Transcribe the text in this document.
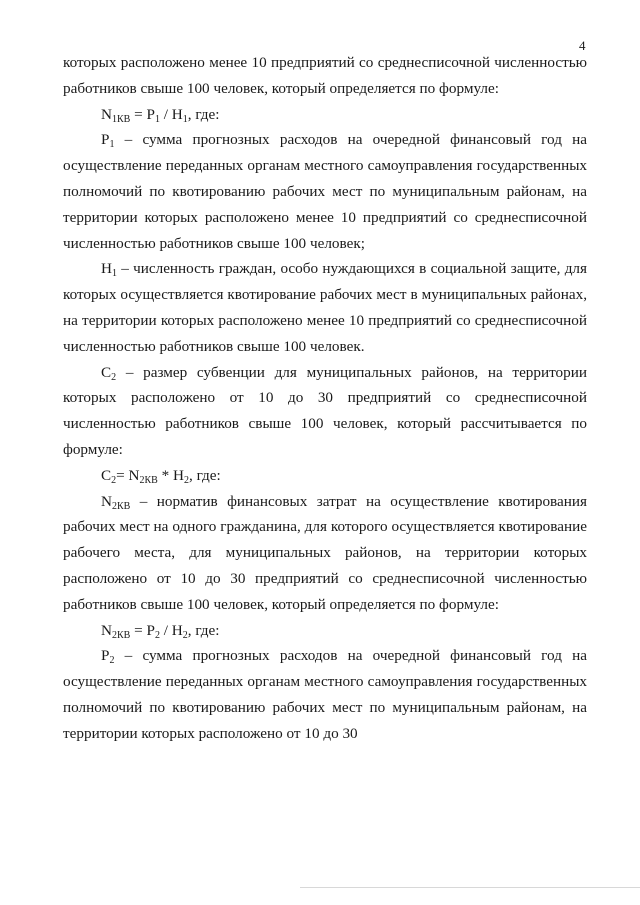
4

которых расположено менее 10 предприятий со среднесписочной численностью работников свыше 100 человек, который определяется по формуле:

$N_{1КВ} = P_1 / Н_1$, где:

$P_1$ – сумма прогнозных расходов на очередной финансовый год на осуществление переданных органам местного самоуправления государственных полномочий по квотированию рабочих мест по муниципальным районам, на территории которых расположено менее 10 предприятий со среднесписочной численностью работников свыше 100 человек;

$Н_1$ – численность граждан, особо нуждающихся в социальной защите, для которых осуществляется квотирование рабочих мест в муниципальных районах, на территории которых расположено менее 10 предприятий со среднесписочной численностью работников свыше 100 человек.

$С_2$ – размер субвенции для муниципальных районов, на территории которых расположено от 10 до 30 предприятий со среднесписочной численностью работников свыше 100 человек, который рассчитывается по формуле:

$С_2= N_{2КВ} * Н_2$, где:

$N_{2КВ}$ – норматив финансовых затрат на осуществление квотирования рабочих мест на одного гражданина, для которого осуществляется квотирование рабочего места, для муниципальных районов, на территории которых расположено от 10 до 30 предприятий со среднесписочной численностью работников свыше 100 человек, который определяется по формуле:

$N_{2КВ} = P_2 / Н_2$, где:

$Р_2$ – сумма прогнозных расходов на очередной финансовый год на осуществление переданных органам местного самоуправления государственных полномочий по квотированию рабочих мест по муниципальным районам, на территории которых расположено от 10 до 30
